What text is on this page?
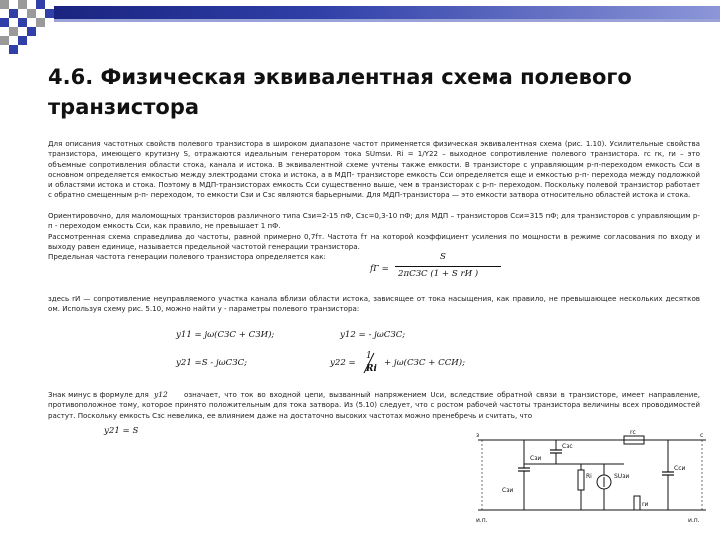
4.6. Физическая эквивалентная схема полевого транзистора

Для описания частотных свойств полевого транзистора в широком диапазоне частот применяется физическая эквивалентная схема (рис. 1.10). Усилительные свойства транзистора, имеющего крутизну S, отражаются идеальным генератором тока SUmsи. Ri = 1/Y22 – выходное сопротивление полевого транзистора. rс rк, rи – это объемные сопротивления области стока, канала и истока. В эквивалентной схеме учтены также емкости. В транзисторе с управляющим р-п-переходом емкость Сси в основном определяется емкостью между электродами стока и истока, а в МДП- транзисторе емкость Сси определяется еще и емкостью р-п- перехода между подложкой и областями истока и стока. Поэтому в МДП-транзисторах емкость Сси существенно выше, чем в транзисторах с р-п- переходом. Поскольку полевой транзистор работает с обратно смещенным р-п- переходом, то емкости Сзи и Сзс являются барьерными. Для МДП-транзистора — это емкости затвора относительно областей истока и стока.

Ориентировочно, для маломощных транзисторов различного типа Сзи=2-15 пФ, Сзс=0,3-10 пФ; для МДП – транзисторов Сси=315 пФ; для транзисторов с управляющим р-п - переходом емкость Сси, как правило, не превышает 1 пФ.

Рассмотренная схема справедлива до частоты, равной примерно 0,7fт. Частота fт на которой коэффициент усиления по мощности в режиме согласования по входу и выходу равен единице, называется предельной частотой генерации транзистора.

Предельная частота генерации полевого транзистора определяется как:

fГ =
S
2πCЗС (1 + S rИ )

здесь rИ — сопротивление неуправляемого участка канала вблизи области истока, зависящее от тока насыщения, как правило, не превышающее нескольких десятков ом. Используя схему рис. 5.10, можно найти у - параметры полевого транзистора:

y11 = jω(CЗС + CЗИ);	y12 = - jωCЗС;
y21 =S - jωCЗС;	y22 =
1
Ri
+ jω(CЗС + CСИ);

Знак минус в формуле для y12	означает, что ток во входной цепи, вызванный напряжением Uси, вследствие обратной связи в транзисторе, имеет направление, противоположное тому, которое принято положительным для тока затвора. Из (5.10) следует, что с ростом рабочей частоты транзистора величины всех проводимостей растут. Поскольку емкость Сзс невелика, ее влиянием даже на достаточно высоких частотах можно пренебречь и считать, что

y21 = S	з	с
Сзс
rс
Сзи
Ri	SUзи
Сси
Сзи
rи
и.п.	и.п.
